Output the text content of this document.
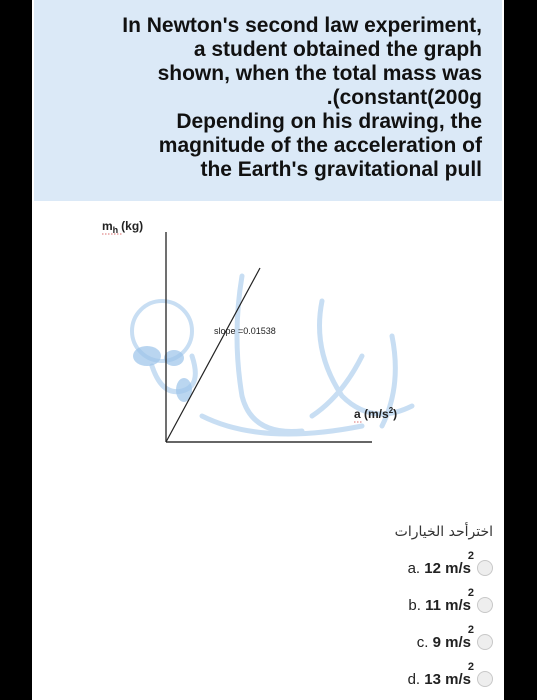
In Newton's second law experiment,
a student obtained the graph
shown, when the total mass was
.(constant(200g
Depending on his drawing, the
magnitude of the acceleration of
the Earth's gravitational pull

$m_h$ (kg)
slope =0.01538
a $(m/s^2)$
اخترأحد الخيارات
a. 12 m/s
2
b. 11 m/s
2
c. 9 m/s
2
d. 13 m/s
2
